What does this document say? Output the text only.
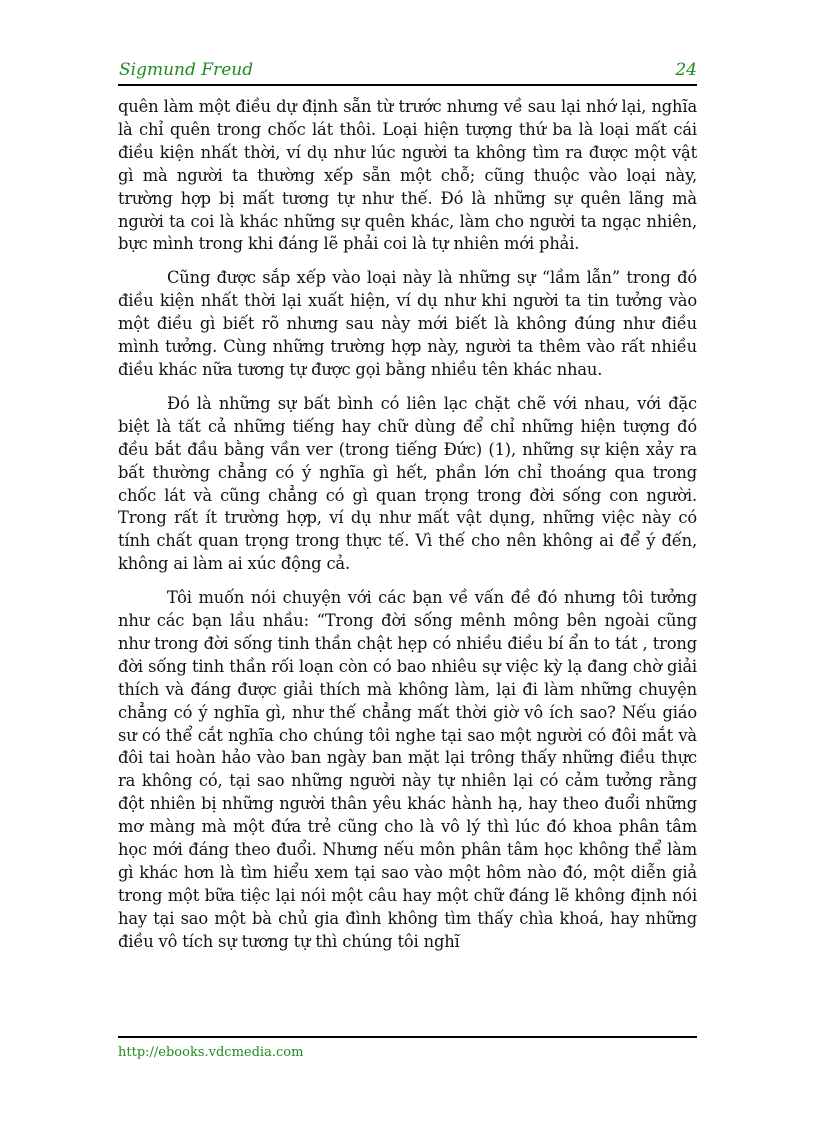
Sigmund Freud	24

quên làm một điều dự định sẵn từ trước nhưng về sau lại nhớ lại, nghĩa là chỉ quên trong chốc lát thôi. Loại hiện tượng thứ ba là loại mất cái điều kiện nhất thời, ví dụ như lúc người ta không tìm ra được một vật gì mà người ta thường xếp sẵn một chỗ; cũng thuộc vào loại này, trường hợp bị mất tương tự như thế. Đó là những sự quên lãng mà người ta coi là khác những sự quên khác, làm cho người ta ngạc nhiên, bực mình trong khi đáng lẽ phải coi là tự nhiên mới phải.

Cũng được sắp xếp vào loại này là những sự “lầm lẫn” trong đó điều kiện nhất thời lại xuất hiện, ví dụ như khi người ta tin tưởng vào một điều gì biết rõ nhưng sau này mới biết là không đúng như điều mình tưởng. Cùng những trường hợp này, người ta thêm vào rất nhiều điều khác nữa tương tự được gọi bằng nhiều tên khác nhau.

Đó là những sự bất bình có liên lạc chặt chẽ với nhau, với đặc biệt là tất cả những tiếng hay chữ dùng để chỉ những hiện tượng đó đều bắt đầu bằng vần ver (trong tiếng Đức) (1), những sự kiện xảy ra bất thường chẳng có ý nghĩa gì hết, phần lớn chỉ thoáng qua trong chốc lát và cũng chẳng có gì quan trọng trong đời sống con người. Trong rất ít trường hợp, ví dụ như mất vật dụng, những việc này có tính chất quan trọng trong thực tế. Vì thế cho nên không ai để ý đến, không ai làm ai xúc động cả.

Tôi muốn nói chuyện với các bạn về vấn đề đó nhưng tôi tưởng như các bạn lầu nhầu: “Trong đời sống mênh mông bên ngoài cũng như trong đời sống tinh thần chật hẹp có nhiều điều bí ẩn to tát , trong đời sống tinh thần rối loạn còn có bao nhiêu sự việc kỳ lạ đang chờ giải thích và đáng được giải thích mà không làm, lại đi làm những chuyện chẳng có ý nghĩa gì, như thế chẳng mất thời giờ vô ích sao? Nếu giáo sư có thể cắt nghĩa cho chúng tôi nghe tại sao một người có đôi mắt và đôi tai hoàn hảo vào ban ngày ban mặt lại trông thấy những điều thực ra không có, tại sao những người này tự nhiên lại có cảm tưởng rằng đột nhiên bị những người thân yêu khác hành hạ, hay theo đuổi những mơ màng mà một đứa trẻ cũng cho là vô lý thì lúc đó khoa phân tâm học mới đáng theo đuổi. Nhưng nếu môn phân tâm học không thể làm gì khác hơn là tìm hiểu xem tại sao vào một hôm nào đó, một diễn giả trong một bữa tiệc lại nói một câu hay một chữ đáng lẽ không định nói hay tại sao một bà chủ gia đình không tìm thấy chìa khoá, hay những điều vô tích sự tương tự thì chúng tôi nghĩ

http://ebooks.vdcmedia.com
